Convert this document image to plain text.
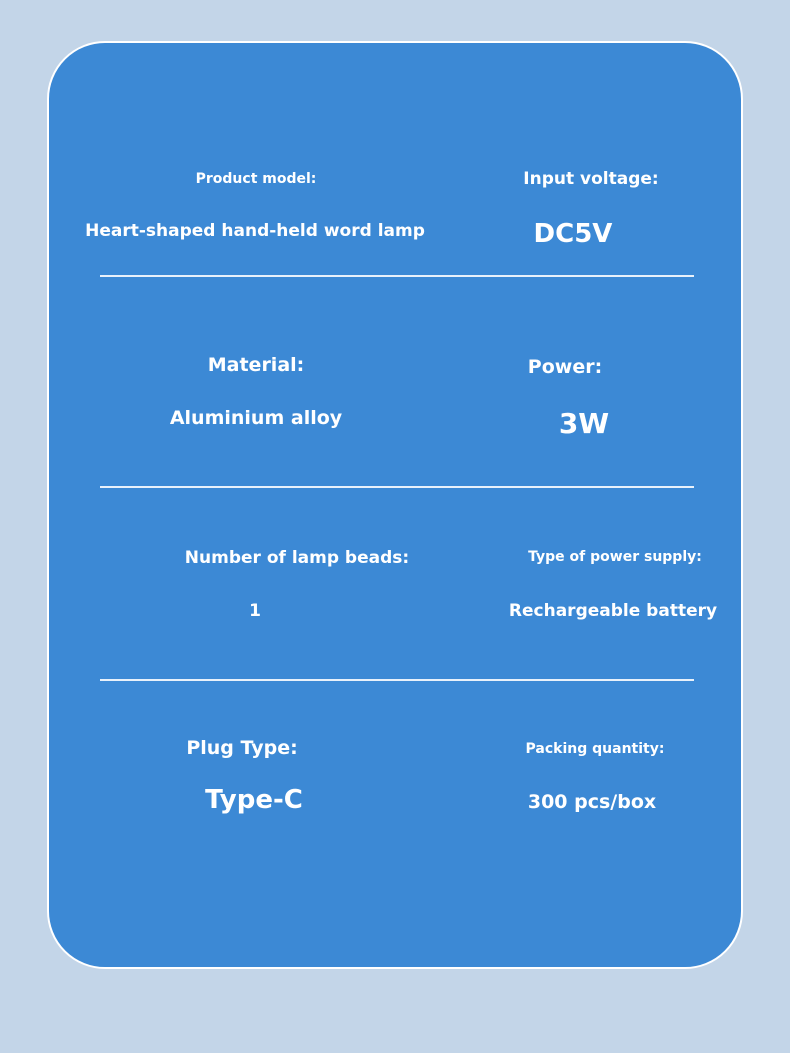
Product model:
Heart-shaped hand-held word lamp
Input voltage:
DC5V
Material:
Aluminium alloy
Power:
3W
Number of lamp beads:
1
Type of power supply:
Rechargeable battery
Plug Type:
Type-C
Packing quantity:
300 pcs/box
